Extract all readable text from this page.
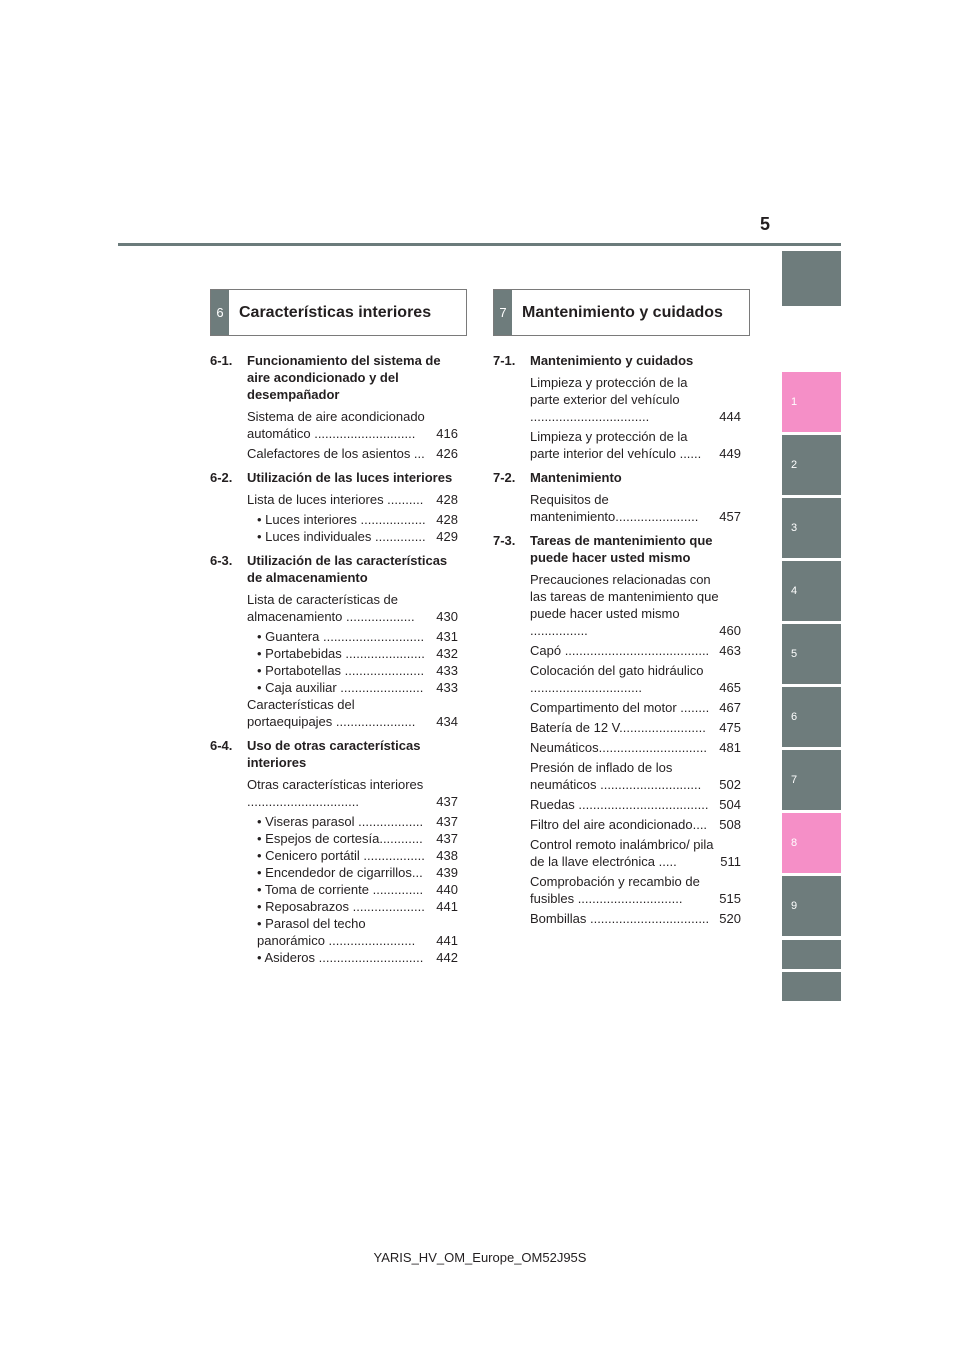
5
1
2
3
4
5
6
7
8
9
6 Características interiores	7 Mantenimiento y cuidados
6-1.	Funcionamiento del sistema de aire acondicionado y del desempañador
Sistema de aire acondicionado automático ............................	416
Calefactores de los asientos ... 426
6-2.	Utilización de las luces interiores
Lista de luces interiores .......... 428
• Luces interiores .................. 428
• Luces individuales .............. 429
6-3.	Utilización de las características de almacenamiento
Lista de características de almacenamiento ...................	430
• Guantera ............................ 431
• Portabebidas ...................... 432
• Portabotellas ...................... 433
• Caja auxiliar ....................... 433
Características del portaequipajes ......................	434
6-4.	Uso de otras características interiores
Otras características interiores ...............................	437
• Viseras parasol ..................	437
• Espejos de cortesía............	437
• Cenicero portátil ................. 438
• Encendedor de cigarrillos...	439
• Toma de corriente ..............	440
• Reposabrazos .................... 441
• Parasol del techo panorámico ........................	441
• Asideros ............................. 442
7-1.	Mantenimiento y cuidados
Limpieza y protección de la parte exterior del vehículo .................................	444
Limpieza y protección de la parte interior del vehículo ......	449
7-2.	Mantenimiento
Requisitos de mantenimiento.......................	457
7-3.	Tareas de mantenimiento que puede hacer usted mismo
Precauciones relacionadas con las tareas de mantenimiento que puede hacer usted mismo ................	460
Capó ........................................ 463
Colocación del gato hidráulico ...............................	465
Compartimento del motor ........ 467
Batería de 12 V........................	475
Neumáticos.............................. 481
Presión de inflado de los neumáticos ............................	502
Ruedas .................................... 504
Filtro del aire acondicionado.... 508
Control remoto inalámbrico/ pila de la llave electrónica .....	511
Comprobación y recambio de fusibles .............................	515
Bombillas ................................. 520
YARIS_HV_OM_Europe_OM52J95S
